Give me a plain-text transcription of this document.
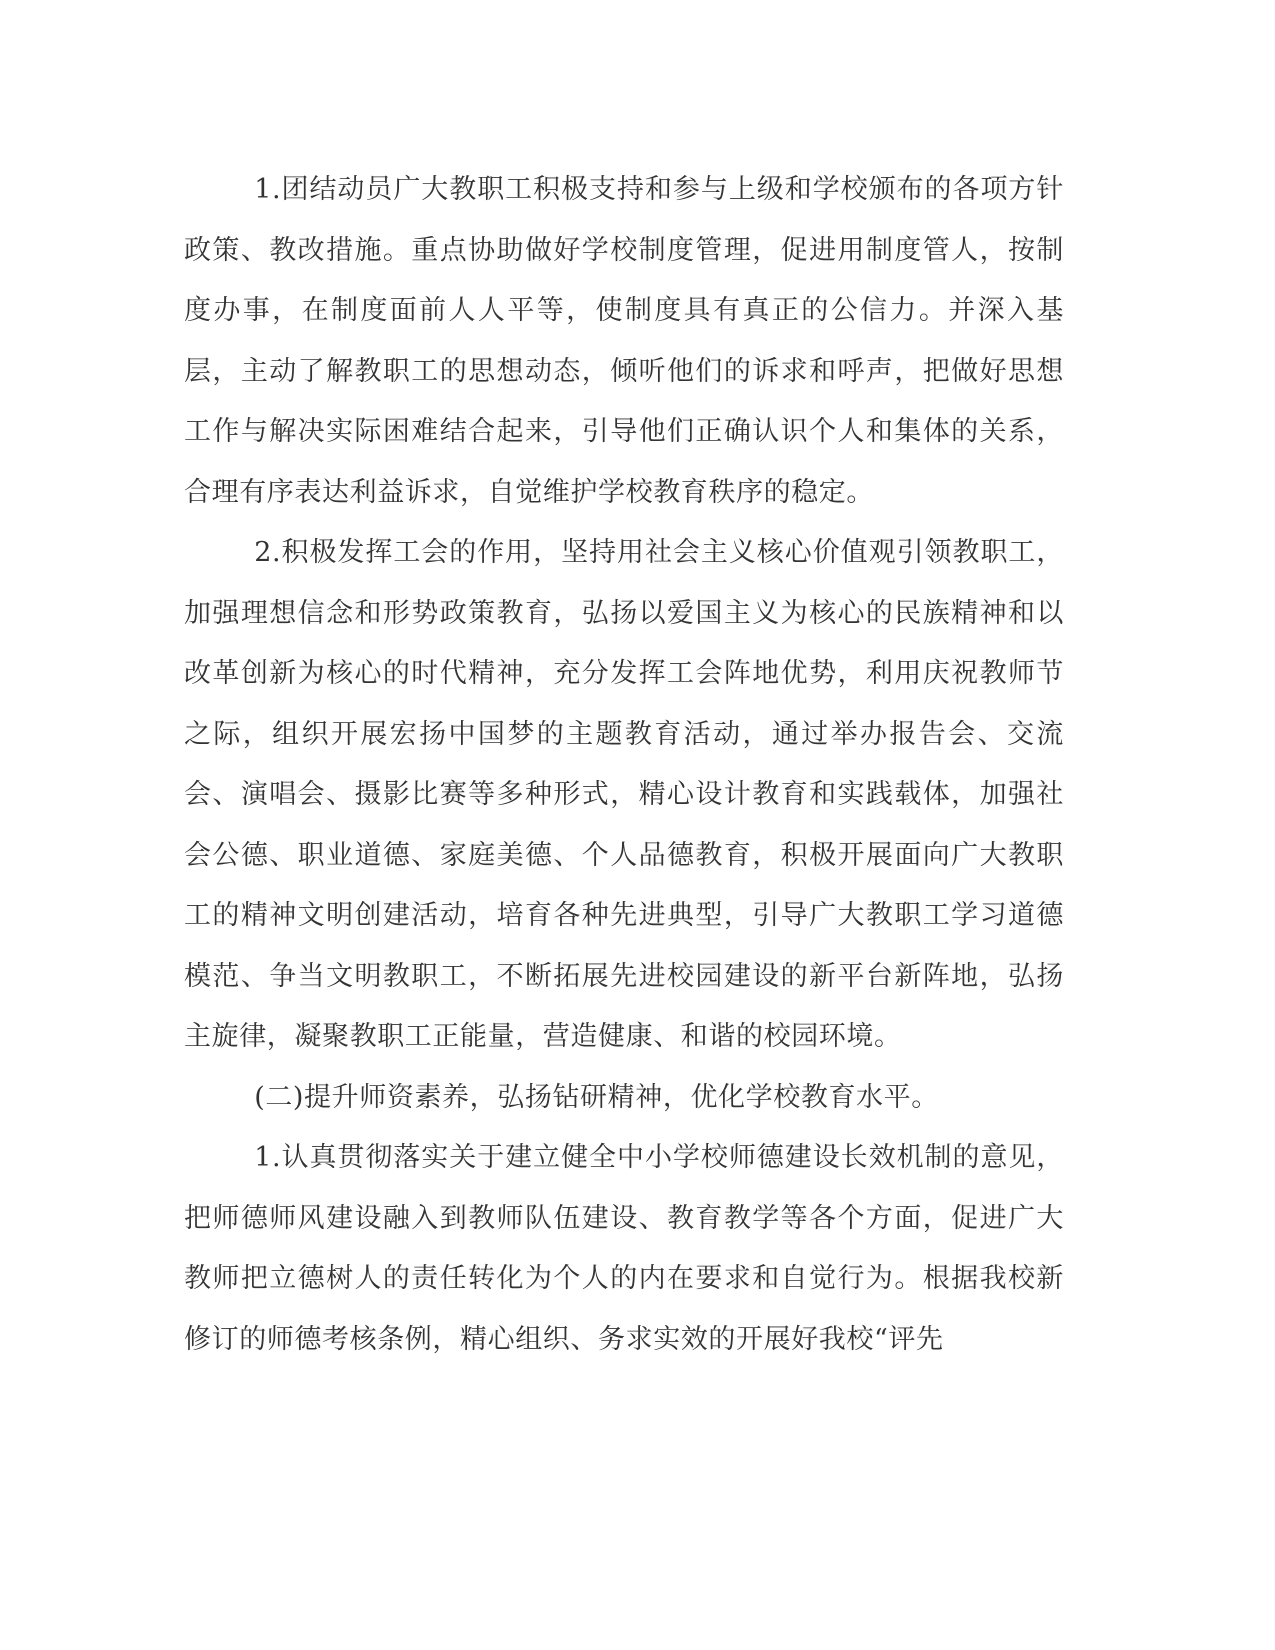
1.团结动员广大教职工积极支持和参与上级和学校颁布的各项方针政策、教改措施。重点协助做好学校制度管理，促进用制度管人，按制度办事，在制度面前人人平等，使制度具有真正的公信力。并深入基层，主动了解教职工的思想动态，倾听他们的诉求和呼声，把做好思想工作与解决实际困难结合起来，引导他们正确认识个人和集体的关系，合理有序表达利益诉求，自觉维护学校教育秩序的稳定。

2.积极发挥工会的作用，坚持用社会主义核心价值观引领教职工，加强理想信念和形势政策教育，弘扬以爱国主义为核心的民族精神和以改革创新为核心的时代精神，充分发挥工会阵地优势，利用庆祝教师节之际，组织开展宏扬中国梦的主题教育活动，通过举办报告会、交流会、演唱会、摄影比赛等多种形式，精心设计教育和实践载体，加强社会公德、职业道德、家庭美德、个人品德教育，积极开展面向广大教职工的精神文明创建活动，培育各种先进典型，引导广大教职工学习道德模范、争当文明教职工，不断拓展先进校园建设的新平台新阵地，弘扬主旋律，凝聚教职工正能量，营造健康、和谐的校园环境。

(二)提升师资素养，弘扬钻研精神，优化学校教育水平。

1.认真贯彻落实关于建立健全中小学校师德建设长效机制的意见，把师德师风建设融入到教师队伍建设、教育教学等各个方面，促进广大教师把立德树人的责任转化为个人的内在要求和自觉行为。根据我校新修订的师德考核条例，精心组织、务求实效的开展好我校“评先
